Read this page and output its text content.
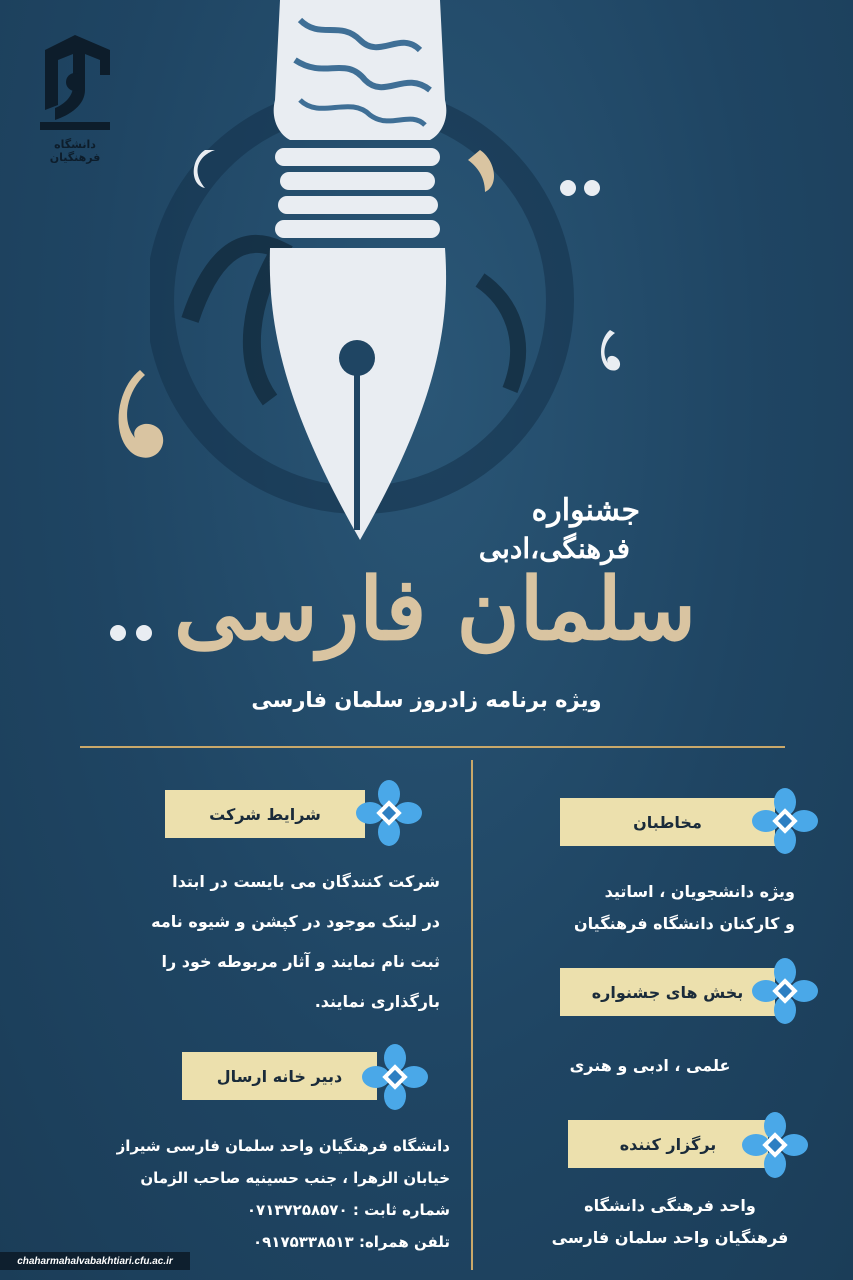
دانشگاه فرهنگیان
جشنواره
فرهنگی،ادبی
سلمان فارسی
ویژه برنامه زادروز سلمان فارسی
مخاطبان
ویژه دانشجویان ، اساتید
و کارکنان دانشگاه فرهنگیان
بخش های جشنواره
علمی ، ادبی و هنری
برگزار کننده
واحد فرهنگی دانشگاه
فرهنگیان واحد سلمان فارسی
شرایط شرکت
شرکت کنندگان می بایست در ابتدا
در لینک موجود در کپشن و شیوه نامه
ثبت نام نمایند و آثار مربوطه خود را
بارگذاری نمایند.
دبیر خانه ارسال
دانشگاه فرهنگیان واحد سلمان فارسی شیراز
خیابان الزهرا ، جنب حسینیه صاحب الزمان
شماره ثابت : ۰۷۱۳۷۲۵۸۵۷۰
تلفن همراه: ۰۹۱۷۵۳۳۸۵۱۳
chaharmahalvabakhtiari.cfu.ac.ir
